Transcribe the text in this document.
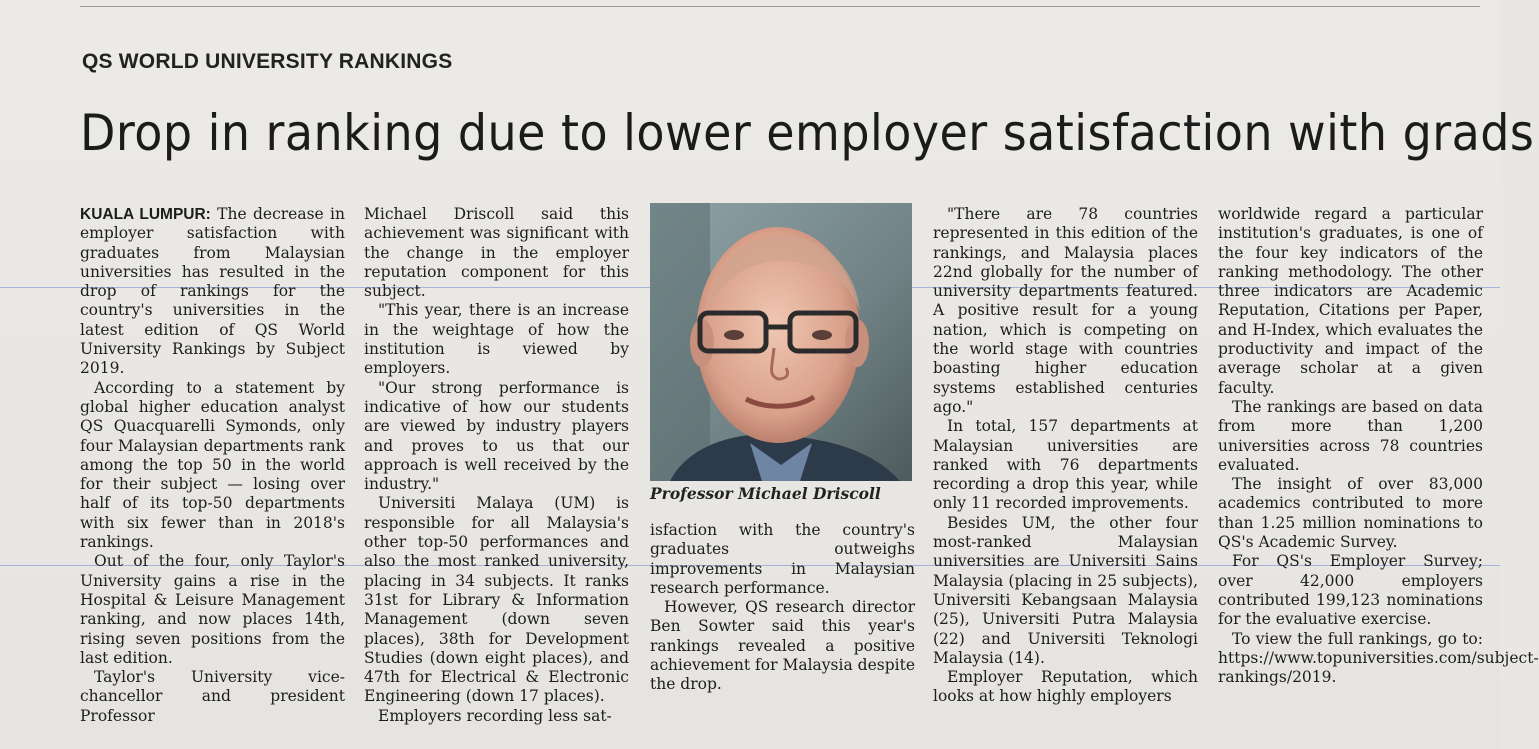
QS WORLD UNIVERSITY RANKINGS
Drop in ranking due to lower employer satisfaction with grads

KUALA LUMPUR: The decrease in employer satisfaction with graduates from Malaysian universities has resulted in the drop of rankings for the country's universities in the latest edition of QS World University Rankings by Subject 2019.

According to a statement by global higher education analyst QS Quacquarelli Symonds, only four Malaysian departments rank among the top 50 in the world for their subject — losing over half of its top-50 departments with six fewer than in 2018's rankings.

Out of the four, only Taylor's University gains a rise in the Hospital & Leisure Management ranking, and now places 14th, rising seven positions from the last edition.

Taylor's University vice-chancellor and president Professor

Michael Driscoll said this achievement was significant with the change in the employer reputation component for this subject.

"This year, there is an increase in the weightage of how the institution is viewed by employers.

"Our strong performance is indicative of how our students are viewed by industry players and proves to us that our approach is well received by the industry."

Universiti Malaya (UM) is responsible for all Malaysia's other top-50 performances and also the most ranked university, placing in 34 subjects. It ranks 31st for Library & Information Management (down seven places), 38th for Development Studies (down eight places), and 47th for Electrical & Electronic Engineering (down 17 places).

Employers recording less sat-

Professor Michael Driscoll

isfaction with the country's graduates outweighs improvements in Malaysian research performance.

However, QS research director Ben Sowter said this year's rankings revealed a positive achievement for Malaysia despite the drop.

"There are 78 countries represented in this edition of the rankings, and Malaysia places 22nd globally for the number of university departments featured. A positive result for a young nation, which is competing on the world stage with countries boasting higher education systems established centuries ago."

In total, 157 departments at Malaysian universities are ranked with 76 departments recording a drop this year, while only 11 recorded improvements.

Besides UM, the other four most-ranked Malaysian universities are Universiti Sains Malaysia (placing in 25 subjects), Universiti Kebangsaan Malaysia (25), Universiti Putra Malaysia (22) and Universiti Teknologi Malaysia (14).

Employer Reputation, which looks at how highly employers

worldwide regard a particular institution's graduates, is one of the four key indicators of the ranking methodology. The other three indicators are Academic Reputation, Citations per Paper, and H-Index, which evaluates the productivity and impact of the average scholar at a given faculty.

The rankings are based on data from more than 1,200 universities across 78 countries evaluated.

The insight of over 83,000 academics contributed to more than 1.25 million nominations to QS's Academic Survey.

For QS's Employer Survey; over 42,000 employers contributed 199,123 nominations for the evaluative exercise.

To view the full rankings, go to: https://www.topuniversities.com/subject-rankings/2019.
